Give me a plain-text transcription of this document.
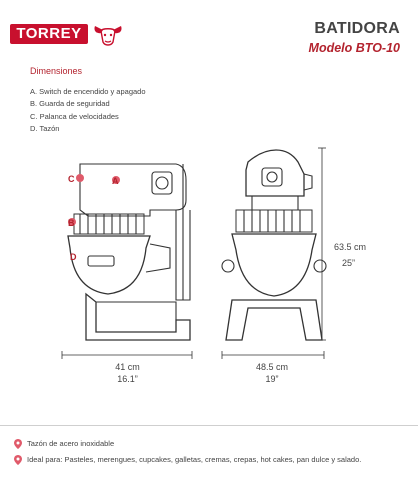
TORREY	BATIDORA
Modelo BTO-10
Dimensiones
A. Switch de encendido y apagado
B. Guarda de seguridad
C. Palanca de velocidades
D. Tazón
C	A
B
D
41 cm
16.1”
48.5 cm
19”
63.5 cm
25”
Tazón de acero inoxidable
Ideal para: Pasteles, merengues, cupcakes, galletas, cremas, crepas, hot cakes, pan dulce y salado.
